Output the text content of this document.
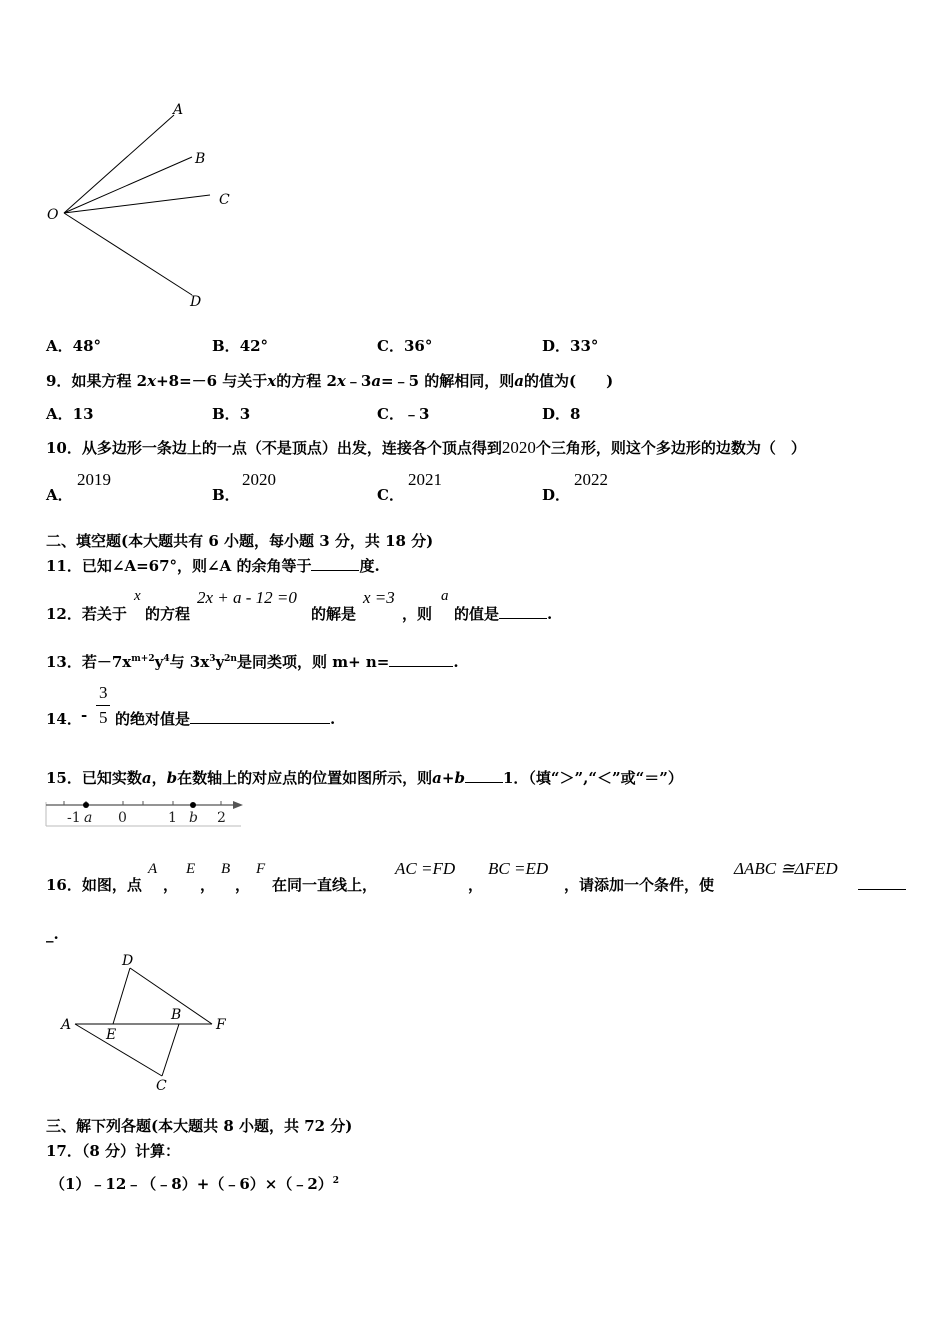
A
B
C
O
D
A．48°	B．42°	C．36°	D．33°
9．如果方程 2x+8=－6 与关于x的方程 2x﹣3a=﹣5 的解相同，则a的值为(　　)
A．13	B．3	C．﹣3	D．8
10．从多边形一条边上的一点（不是顶点）出发，连接各个顶点得到2020个三角形，则这个多边形的边数为（　）
A．
2019
B．
2020
C．
2021
D．
2022
二、填空题(本大题共有 6 小题，每小题 3 分，共 18 分)
11．已知∠A=67°，则∠A 的余角等于	度.
12．若关于
x
的方程
2x + a - 12 =0
的解是
x =3
，则
a
的值是	.
13．若$-7x^{m+2}y^4$与 $3x^3y^{2n}$是同类项，则 m+ n=	.
14． -
3
5 的绝对值是	.
15．已知实数a，b在数轴上的对应点的位置如图所示，则a+b	1．（填“＞”,“＜”或“＝”）
-1 a 0	1 b 2
16．如图，点
A
，
E
，
B
，
F
在同一直线上，
AC =FD
，
BC =ED
，请添加一个条件，使
ΔABC ≅ΔFED
_.
D
B
A
E
F
C
三、解下列各题(本大题共 8 小题，共 72 分)
17．（8 分）计算：
（1）﹣12﹣（﹣8）+（﹣6）×（﹣2）$^2$
